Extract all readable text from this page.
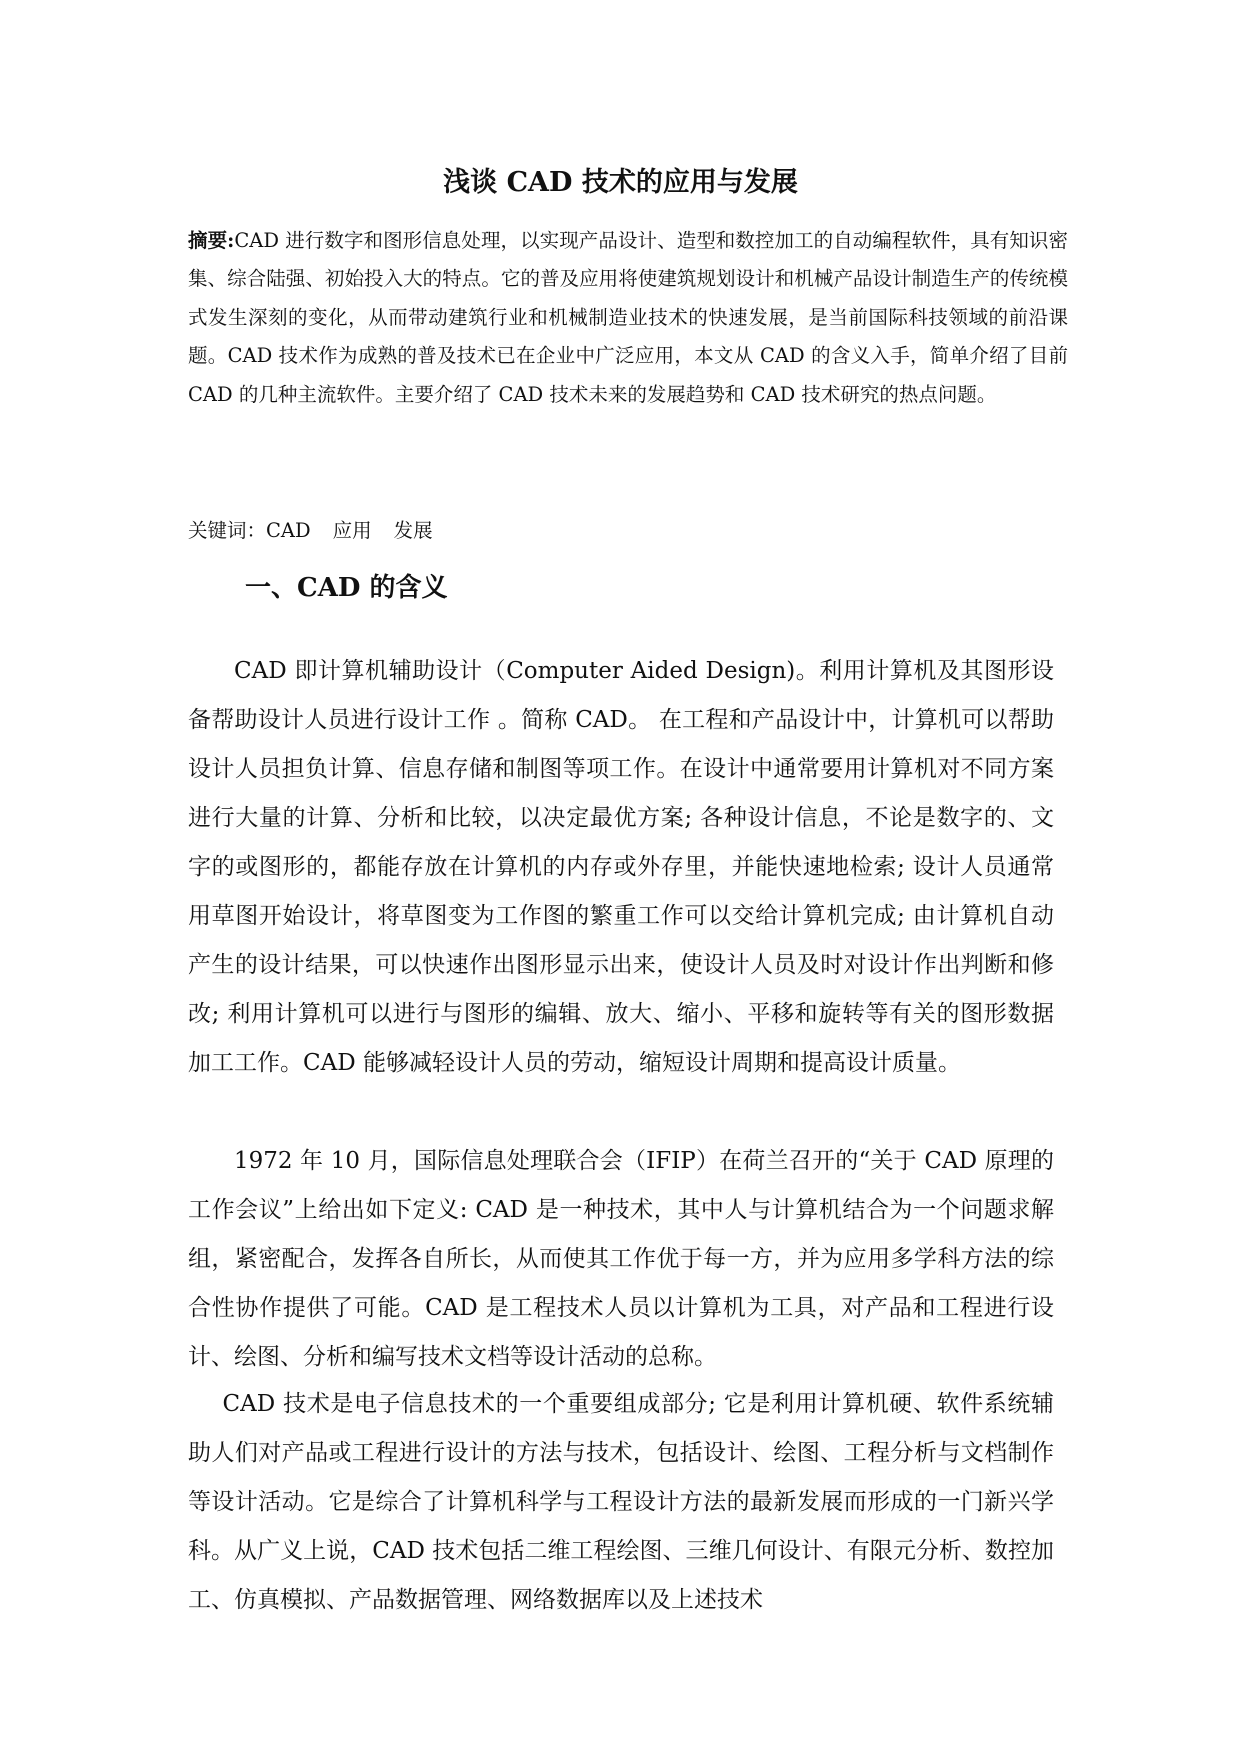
浅谈 CAD 技术的应用与发展
摘要:CAD 进行数字和图形信息处理，以实现产品设计、造型和数控加工的自动编程软件，具有知识密集、综合陆强、初始投入大的特点。它的普及应用将使建筑规划设计和机械产品设计制造生产的传统模式发生深刻的变化，从而带动建筑行业和机械制造业技术的快速发展，是当前国际科技领域的前沿课题。CAD 技术作为成熟的普及技术已在企业中广泛应用，本文从 CAD 的含义入手，简单介绍了目前 CAD 的几种主流软件。主要介绍了 CAD 技术未来的发展趋势和 CAD 技术研究的热点问题。
关键词：CAD 应用 发展
一、CAD 的含义

CAD 即计算机辅助设计（Computer Aided Design)。利用计算机及其图形设备帮助设计人员进行设计工作 。简称 CAD。 在工程和产品设计中，计算机可以帮助设计人员担负计算、信息存储和制图等项工作。在设计中通常要用计算机对不同方案进行大量的计算、分析和比较，以决定最优方案; 各种设计信息，不论是数字的、文字的或图形的，都能存放在计算机的内存或外存里，并能快速地检索; 设计人员通常用草图开始设计，将草图变为工作图的繁重工作可以交给计算机完成; 由计算机自动产生的设计结果，可以快速作出图形显示出来，使设计人员及时对设计作出判断和修改; 利用计算机可以进行与图形的编辑、放大、缩小、平移和旋转等有关的图形数据加工工作。CAD 能够减轻设计人员的劳动，缩短设计周期和提高设计质量。

1972 年 10 月，国际信息处理联合会（IFIP）在荷兰召开的“关于 CAD 原理的工作会议”上给出如下定义: CAD 是一种技术，其中人与计算机结合为一个问题求解组，紧密配合，发挥各自所长，从而使其工作优于每一方，并为应用多学科方法的综合性协作提供了可能。CAD 是工程技术人员以计算机为工具，对产品和工程进行设计、绘图、分析和编写技术文档等设计活动的总称。

CAD 技术是电子信息技术的一个重要组成部分; 它是利用计算机硬、软件系统辅助人们对产品或工程进行设计的方法与技术，包括设计、绘图、工程分析与文档制作等设计活动。它是综合了计算机科学与工程设计方法的最新发展而形成的一门新兴学科。从广义上说，CAD 技术包括二维工程绘图、三维几何设计、有限元分析、数控加工、仿真模拟、产品数据管理、网络数据库以及上述技术
